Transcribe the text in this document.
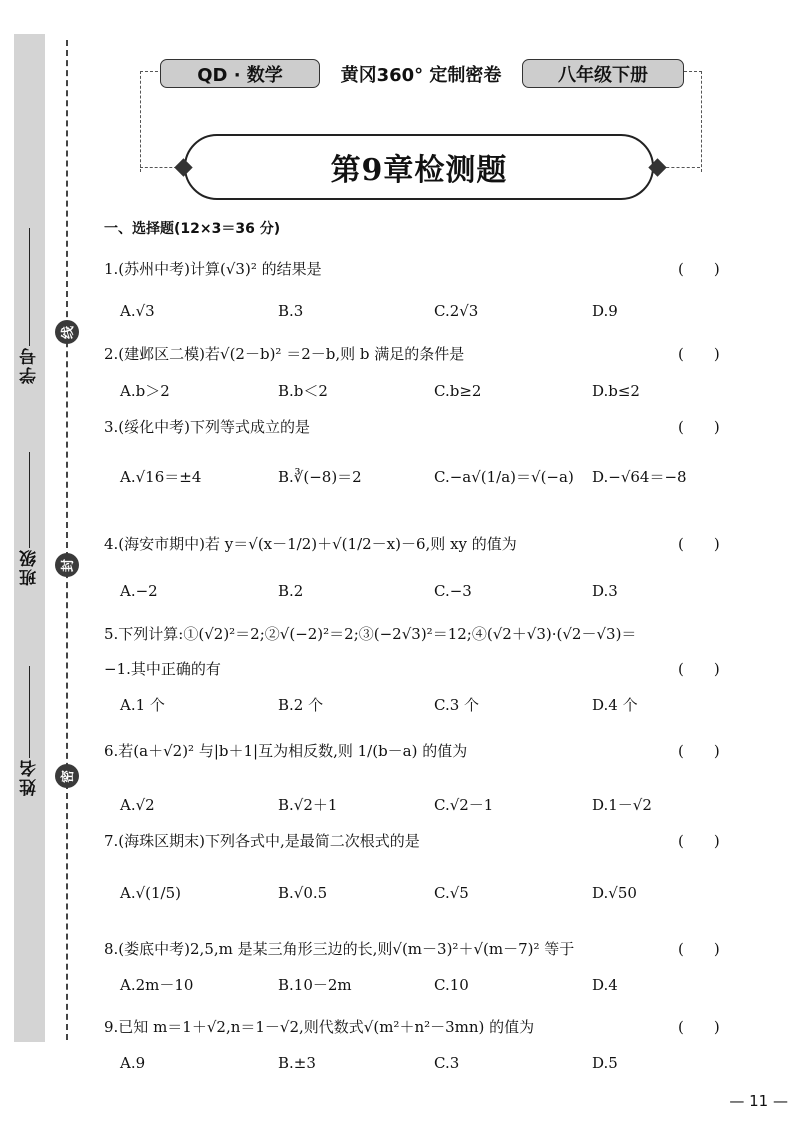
学号
班级
姓名
线
封
密
QD · 数学	黄冈360° 定制密卷	八年级下册
第9章检测题
一、选择题(12×3＝36 分)
1.(苏州中考)计算(√3)² 的结果是	(　　)
A.√3	B.3	C.2√3	D.9
2.(建邺区二模)若√(2－b)² ＝2－b,则 b 满足的条件是	(　　)
A.b＞2	B.b＜2	C.b≥2	D.b≤2
3.(绥化中考)下列等式成立的是	(　　)
A.√16＝±4	B.∛(−8)＝2	C.−a√(1/a)＝√(−a) D.−√64＝−8
4.(海安市期中)若 y＝√(x－1/2)＋√(1/2－x)－6,则 xy 的值为	(　　)
A.−2	B.2	C.−3	D.3
5.下列计算:①(√2)²＝2;②√(−2)²＝2;③(−2√3)²＝12;④(√2＋√3)·(√2－√3)＝
−1.其中正确的有	(　　)
A.1 个	B.2 个	C.3 个	D.4 个
6.若(a＋√2)² 与|b＋1|互为相反数,则 1/(b－a) 的值为	(　　)
A.√2	B.√2＋1	C.√2－1	D.1－√2
7.(海珠区期末)下列各式中,是最简二次根式的是	(　　)
A.√(1/5)	B.√0.5	C.√5	D.√50
8.(娄底中考)2,5,m 是某三角形三边的长,则√(m－3)²＋√(m－7)² 等于	(　　)
A.2m－10	B.10－2m	C.10	D.4
9.已知 m＝1＋√2,n＝1－√2,则代数式√(m²＋n²－3mn) 的值为	(　　)
A.9	B.±3	C.3	D.5
— 11 —
